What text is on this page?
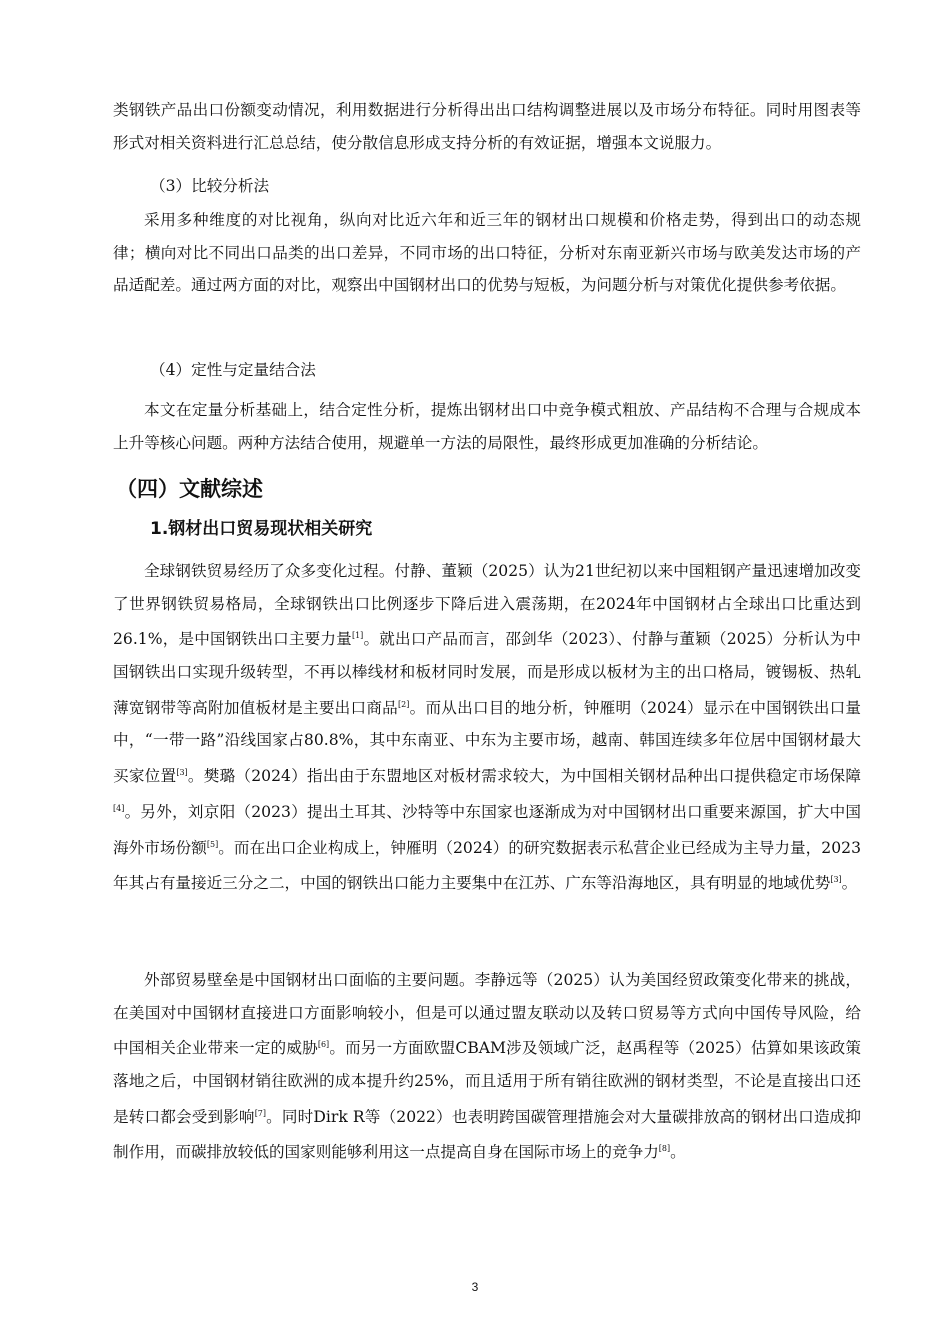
类钢铁产品出口份额变动情况，利用数据进行分析得出出口结构调整进展以及市场分布特征。同时用图表等形式对相关资料进行汇总总结，使分散信息形成支持分析的有效证据，增强本文说服力。

（3）比较分析法

采用多种维度的对比视角，纵向对比近六年和近三年的钢材出口规模和价格走势，得到出口的动态规律；横向对比不同出口品类的出口差异，不同市场的出口特征，分析对东南亚新兴市场与欧美发达市场的产品适配差。通过两方面的对比，观察出中国钢材出口的优势与短板，为问题分析与对策优化提供参考依据。

（4）定性与定量结合法

本文在定量分析基础上，结合定性分析，提炼出钢材出口中竞争模式粗放、产品结构不合理与合规成本上升等核心问题。两种方法结合使用，规避单一方法的局限性，最终形成更加准确的分析结论。

（四）文献综述
1.钢材出口贸易现状相关研究

全球钢铁贸易经历了众多变化过程。付静、董颖（2025）认为21世纪初以来中国粗钢产量迅速增加改变了世界钢铁贸易格局，全球钢铁出口比例逐步下降后进入震荡期，在2024年中国钢材占全球出口比重达到26.1%，是中国钢铁出口主要力量[1]。就出口产品而言，邵剑华（2023）、付静与董颖（2025）分析认为中国钢铁出口实现升级转型，不再以棒线材和板材同时发展，而是形成以板材为主的出口格局，镀锡板、热轧薄宽钢带等高附加值板材是主要出口商品[2]。而从出口目的地分析，钟雁明（2024）显示在中国钢铁出口量中，“一带一路”沿线国家占80.8%，其中东南亚、中东为主要市场，越南、韩国连续多年位居中国钢材最大买家位置[3]。樊璐（2024）指出由于东盟地区对板材需求较大，为中国相关钢材品种出口提供稳定市场保障[4]。另外，刘京阳（2023）提出土耳其、沙特等中东国家也逐渐成为对中国钢材出口重要来源国，扩大中国海外市场份额[5]。而在出口企业构成上，钟雁明（2024）的研究数据表示私营企业已经成为主导力量，2023年其占有量接近三分之二，中国的钢铁出口能力主要集中在江苏、广东等沿海地区，具有明显的地域优势[3]。

外部贸易壁垒是中国钢材出口面临的主要问题。李静远等（2025）认为美国经贸政策变化带来的挑战，在美国对中国钢材直接进口方面影响较小，但是可以通过盟友联动以及转口贸易等方式向中国传导风险，给中国相关企业带来一定的威胁[6]。而另一方面欧盟CBAM涉及领域广泛，赵禹程等（2025）估算如果该政策落地之后，中国钢材销往欧洲的成本提升约25%，而且适用于所有销往欧洲的钢材类型，不论是直接出口还是转口都会受到影响[7]。同时Dirk R等（2022）也表明跨国碳管理措施会对大量碳排放高的钢材出口造成抑制作用，而碳排放较低的国家则能够利用这一点提高自身在国际市场上的竞争力[8]。

3
